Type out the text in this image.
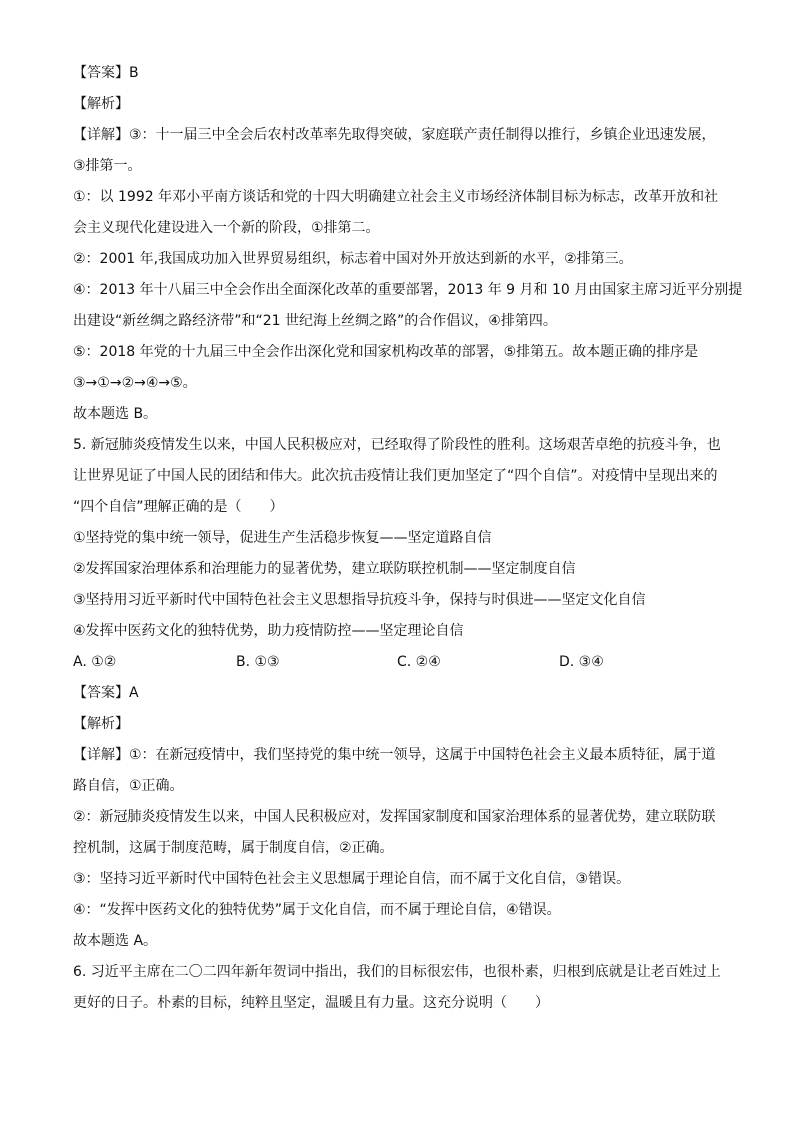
【答案】B

【解析】

【详解】③：十一届三中全会后农村改革率先取得突破，家庭联产责任制得以推行，乡镇企业迅速发展，

③排第一。

①：以 1992 年邓小平南方谈话和党的十四大明确建立社会主义市场经济体制目标为标志，改革开放和社

会主义现代化建设进入一个新的阶段，①排第二。

②：2001 年,我国成功加入世界贸易组织，标志着中国对外开放达到新的水平，②排第三。

④：2013 年十八届三中全会作出全面深化改革的重要部署，2013 年 9 月和 10 月由国家主席习近平分别提

出建设“新丝绸之路经济带”和“21 世纪海上丝绸之路”的合作倡议，④排第四。

⑤：2018 年党的十九届三中全会作出深化党和国家机构改革的部署，⑤排第五。故本题正确的排序是

③→①→②→④→⑤。

故本题选 B。

5. 新冠肺炎疫情发生以来，中国人民积极应对，已经取得了阶段性的胜利。这场艰苦卓绝的抗疫斗争，也

让世界见证了中国人民的团结和伟大。此次抗击疫情让我们更加坚定了“四个自信”。对疫情中呈现出来的

“四个自信”理解正确的是（　　）

①坚持党的集中统一领导，促进生产生活稳步恢复——坚定道路自信

②发挥国家治理体系和治理能力的显著优势，建立联防联控机制——坚定制度自信

③坚持用习近平新时代中国特色社会主义思想指导抗疫斗争，保持与时俱进——坚定文化自信

④发挥中医药文化的独特优势，助力疫情防控——坚定理论自信

A. ①②	B. ①③	C. ②④	D. ③④

【答案】A

【解析】

【详解】①：在新冠疫情中，我们坚持党的集中统一领导，这属于中国特色社会主义最本质特征，属于道

路自信，①正确。

②：新冠肺炎疫情发生以来，中国人民积极应对，发挥国家制度和国家治理体系的显著优势，建立联防联

控机制，这属于制度范畴，属于制度自信，②正确。

③：坚持习近平新时代中国特色社会主义思想属于理论自信，而不属于文化自信，③错误。

④：“发挥中医药文化的独特优势”属于文化自信，而不属于理论自信，④错误。

故本题选 A。

6. 习近平主席在二〇二四年新年贺词中指出，我们的目标很宏伟，也很朴素，归根到底就是让老百姓过上

更好的日子。朴素的目标，纯粹且坚定，温暖且有力量。这充分说明（　　）
